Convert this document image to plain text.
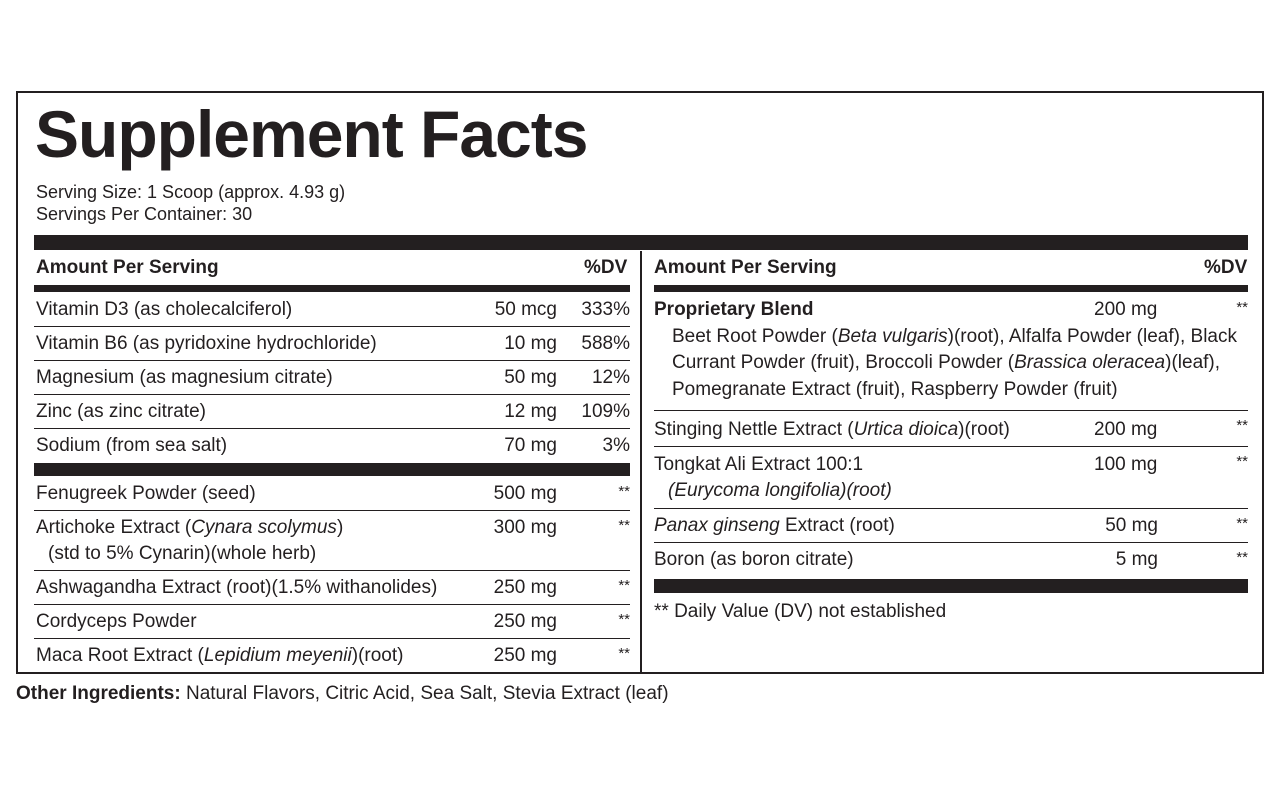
Supplement Facts
Serving Size: 1 Scoop (approx. 4.93 g)
Servings Per Container: 30
Amount Per Serving	%DV Amount Per Serving	%DV
Vitamin D3 (as cholecalciferol)	50 mcg 333%
Vitamin B6 (as pyridoxine hydrochloride)	10 mg 588%
Magnesium (as magnesium citrate)	50 mg 12%
Zinc (as zinc citrate)	12 mg 109%
Sodium (from sea salt)	70 mg 3%
Fenugreek Powder (seed)	500 mg	**
Artichoke Extract (Cynara scolymus)
(std to 5% Cynarin)(whole herb)
300 mg	**
Ashwagandha Extract (root)(1.5% withanolides)	250 mg	**
Cordyceps Powder	250 mg	**
Maca Root Extract (Lepidium meyenii)(root)	250 mg	**
Proprietary Blend	200 mg	**
Beet Root Powder (Beta vulgaris)(root), Alfalfa Powder (leaf), Black
Currant Powder (fruit), Broccoli Powder (Brassica oleracea)(leaf),
Pomegranate Extract (fruit), Raspberry Powder (fruit)
Stinging Nettle Extract (Urtica dioica)(root)	200 mg	**
Tongkat Ali Extract 100:1
(Eurycoma longifolia)(root)
100 mg	**
Panax ginseng Extract (root)	50 mg	**
Boron (as boron citrate)	5 mg	**
** Daily Value (DV) not established
Other Ingredients: Natural Flavors, Citric Acid, Sea Salt, Stevia Extract (leaf)
